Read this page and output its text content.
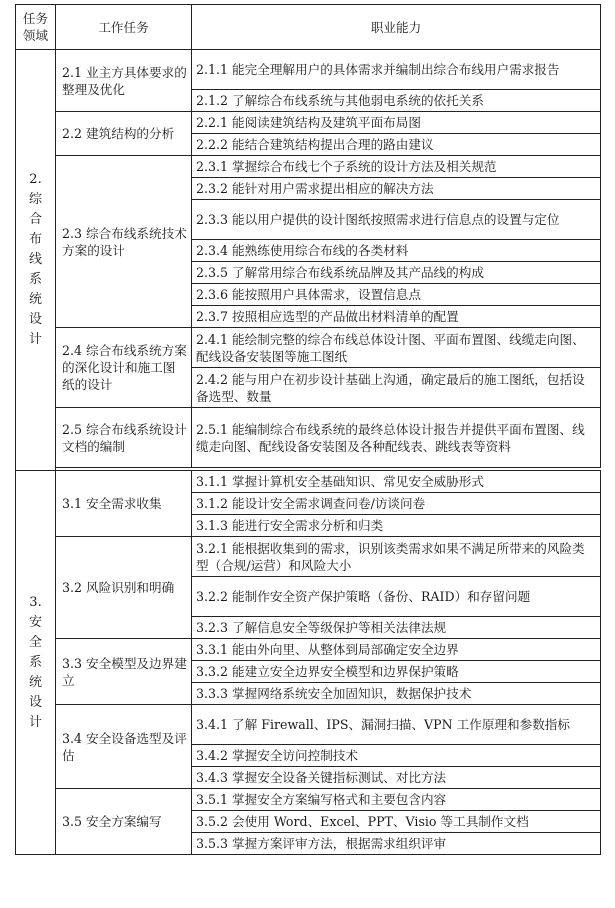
任务领域	工作任务	职业能力

2.综合布线系统设计	2.1 业主方具体要求的整理及优化	2.1.1 能完全理解用户的具体需求并编制出综合布线用户需求报告
		2.1.2 了解综合布线系统与其他弱电系统的依托关系
	2.2 建筑结构的分析	2.2.1 能阅读建筑结构及建筑平面布局图
		2.2.2 能结合建筑结构提出合理的路由建议
	2.3 综合布线系统技术方案的设计	2.3.1 掌握综合布线七个子系统的设计方法及相关规范
		2.3.2 能针对用户需求提出相应的解决方法
		2.3.3 能以用户提供的设计图纸按照需求进行信息点的设置与定位
		2.3.4 能熟练使用综合布线的各类材料
		2.3.5 了解常用综合布线系统品牌及其产品线的构成
		2.3.6 能按照用户具体需求，设置信息点
		2.3.7 按照相应选型的产品做出材料清单的配置
	2.4 综合布线系统方案的深化设计和施工图纸的设计	2.4.1 能绘制完整的综合布线总体设计图、平面布置图、线缆走向图、配线设备安装图等施工图纸
		2.4.2 能与用户在初步设计基础上沟通，确定最后的施工图纸，包括设备选型、数量
	2.5 综合布线系统设计文档的编制	2.5.1 能编制综合布线系统的最终总体设计报告并提供平面布置图、线缆走向图、配线设备安装图及各种配线表、跳线表等资料

3.安全系统设计	3.1 安全需求收集	3.1.1 掌握计算机安全基础知识、常见安全威胁形式
		3.1.2 能设计安全需求调查问卷/访谈问卷
		3.1.3 能进行安全需求分析和归类
	3.2 风险识别和明确	3.2.1 能根据收集到的需求，识别该类需求如果不满足所带来的风险类型（合规/运营）和风险大小
		3.2.2 能制作安全资产保护策略（备份、RAID）和存留问题
		3.2.3 了解信息安全等级保护等相关法律法规
	3.3 安全模型及边界建立	3.3.1 能由外向里、从整体到局部确定安全边界
		3.3.2 能建立安全边界安全模型和边界保护策略
		3.3.3 掌握网络系统安全加固知识，数据保护技术
	3.4 安全设备选型及评估	3.4.1 了解 Firewall、IPS、漏洞扫描、VPN 工作原理和参数指标
		3.4.2 掌握安全访问控制技术
		3.4.3 掌握安全设备关键指标测试、对比方法
	3.5 安全方案编写	3.5.1 掌握安全方案编写格式和主要包含内容
		3.5.2 会使用 Word、Excel、PPT、Visio 等工具制作文档
		3.5.3 掌握方案评审方法，根据需求组织评审
